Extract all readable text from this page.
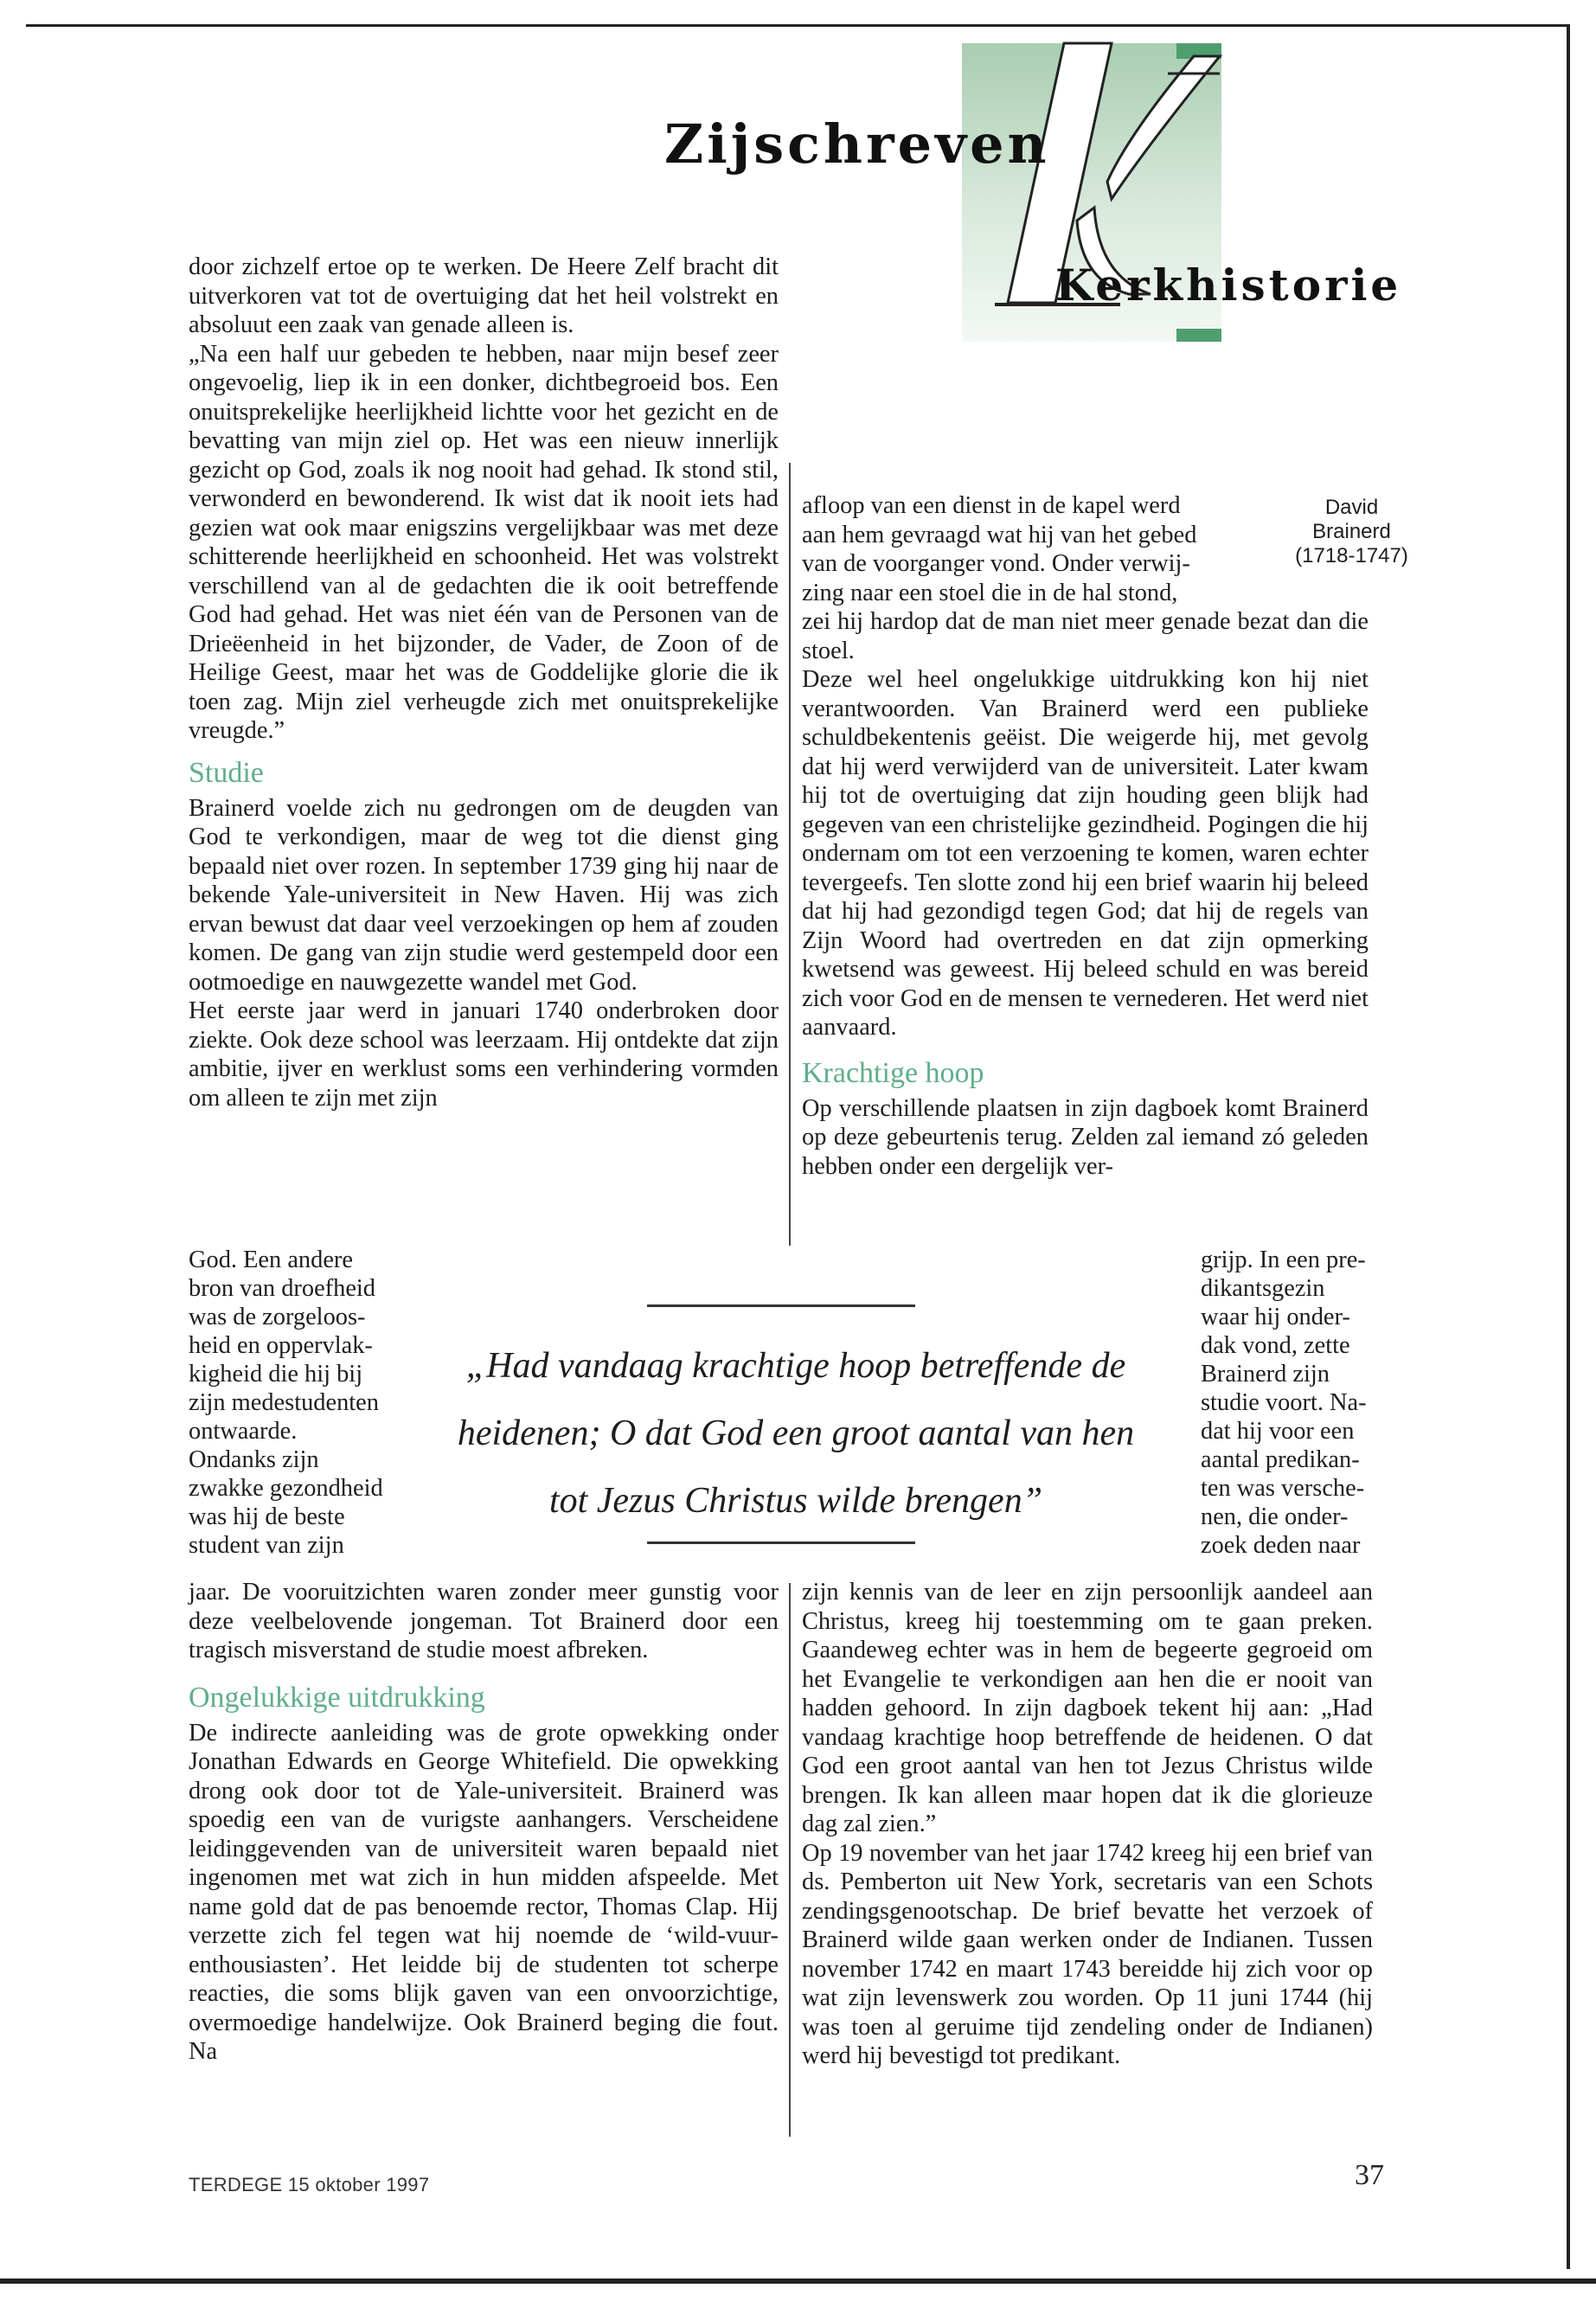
Zijschreven
Kerkhistorie

door zichzelf ertoe op te werken. De Heere Zelf bracht dit uitverkoren vat tot de overtuiging dat het heil volstrekt en absoluut een zaak van genade alleen is.

„Na een half uur gebeden te hebben, naar mijn besef zeer ongevoelig, liep ik in een donker, dichtbegroeid bos. Een onuitsprekelijke heerlijkheid lichtte voor het gezicht en de bevatting van mijn ziel op. Het was een nieuw innerlijk gezicht op God, zoals ik nog nooit had gehad. Ik stond stil, verwonderd en bewonderend. Ik wist dat ik nooit iets had gezien wat ook maar enigszins vergelijkbaar was met deze schitterende heerlijkheid en schoonheid. Het was volstrekt verschillend van al de gedachten die ik ooit betreffende God had gehad. Het was niet één van de Personen van de Drieëenheid in het bijzonder, de Vader, de Zoon of de Heilige Geest, maar het was de Goddelijke glorie die ik toen zag. Mijn ziel verheugde zich met onuitsprekelijke vreugde.”

Studie

Brainerd voelde zich nu gedrongen om de deugden van God te verkondigen, maar de weg tot die dienst ging bepaald niet over rozen. In september 1739 ging hij naar de bekende Yale-universiteit in New Haven. Hij was zich ervan bewust dat daar veel verzoekingen op hem af zouden komen. De gang van zijn studie werd gestempeld door een ootmoedige en nauwgezette wandel met God.

Het eerste jaar werd in januari 1740 onderbroken door ziekte. Ook deze school was leerzaam. Hij ontdekte dat zijn ambitie, ijver en werklust soms een verhindering vormden om alleen te zijn met zijn

God. Een andere
bron van droefheid
was de zorgeloos-
heid en oppervlak-
kigheid die hij bij
zijn medestudenten
ontwaarde.
Ondanks zijn
zwakke gezondheid
was hij de beste
student van zijn

jaar. De vooruitzichten waren zonder meer gunstig voor deze veelbelovende jongeman. Tot Brainerd door een tragisch misverstand de studie moest afbreken.

Ongelukkige uitdrukking

De indirecte aanleiding was de grote opwekking onder Jonathan Edwards en George Whitefield. Die opwekking drong ook door tot de Yale-universiteit. Brainerd was spoedig een van de vurigste aanhangers. Verscheidene leidinggevenden van de universiteit waren bepaald niet ingenomen met wat zich in hun midden afspeelde. Met name gold dat de pas benoemde rector, Thomas Clap. Hij verzette zich fel tegen wat hij noemde de ‘wild-vuur-enthousiasten’. Het leidde bij de studenten tot scherpe reacties, die soms blijk gaven van een onvoorzichtige, overmoedige handelwijze. Ook Brainerd beging die fout. Na

David
Brainerd
(1718-1747)
afloop van een dienst in de kapel werd
aan hem gevraagd wat hij van het gebed
van de voorganger vond. Onder verwij-
zing naar een stoel die in de hal stond,

zei hij hardop dat de man niet meer genade bezat dan die stoel.

Deze wel heel ongelukkige uitdrukking kon hij niet verantwoorden. Van Brainerd werd een publieke schuldbekentenis geëist. Die weigerde hij, met gevolg dat hij werd verwijderd van de universiteit. Later kwam hij tot de overtuiging dat zijn houding geen blijk had gegeven van een christelijke gezindheid. Pogingen die hij ondernam om tot een verzoening te komen, waren echter tevergeefs. Ten slotte zond hij een brief waarin hij beleed dat hij had gezondigd tegen God; dat hij de regels van Zijn Woord had overtreden en dat zijn opmerking kwetsend was geweest. Hij beleed schuld en was bereid zich voor God en de mensen te vernederen. Het werd niet aanvaard.

Krachtige hoop

Op verschillende plaatsen in zijn dagboek komt Brainerd op deze gebeurtenis terug. Zelden zal iemand zó geleden hebben onder een dergelijk ver-

grijp. In een pre-
dikantsgezin
waar hij onder-
dak vond, zette
Brainerd zijn
studie voort. Na-
dat hij voor een
aantal predikan-
ten was verschе-
nen, die onder-
zoek deden naar

zijn kennis van de leer en zijn persoonlijk aandeel aan Christus, kreeg hij toestemming om te gaan preken. Gaandeweg echter was in hem de begeerte gegroeid om het Evangelie te verkondigen aan hen die er nooit van hadden gehoord. In zijn dagboek tekent hij aan: „Had vandaag krachtige hoop betreffende de heidenen. O dat God een groot aantal van hen tot Jezus Christus wilde brengen. Ik kan alleen maar hopen dat ik die glorieuze dag zal zien.”

Op 19 november van het jaar 1742 kreeg hij een brief van ds. Pemberton uit New York, secretaris van een Schots zendingsgenootschap. De brief bevatte het verzoek of Brainerd wilde gaan werken onder de Indianen. Tussen november 1742 en maart 1743 bereidde hij zich voor op wat zijn levenswerk zou worden. Op 11 juni 1744 (hij was toen al geruime tijd zendeling onder de Indianen) werd hij bevestigd tot predikant.

„Had vandaag krachtige hoop betreffende de
heidenen; O dat God een groot aantal van hen
tot Jezus Christus wilde brengen”
TERDEGE 15 oktober 1997	37
